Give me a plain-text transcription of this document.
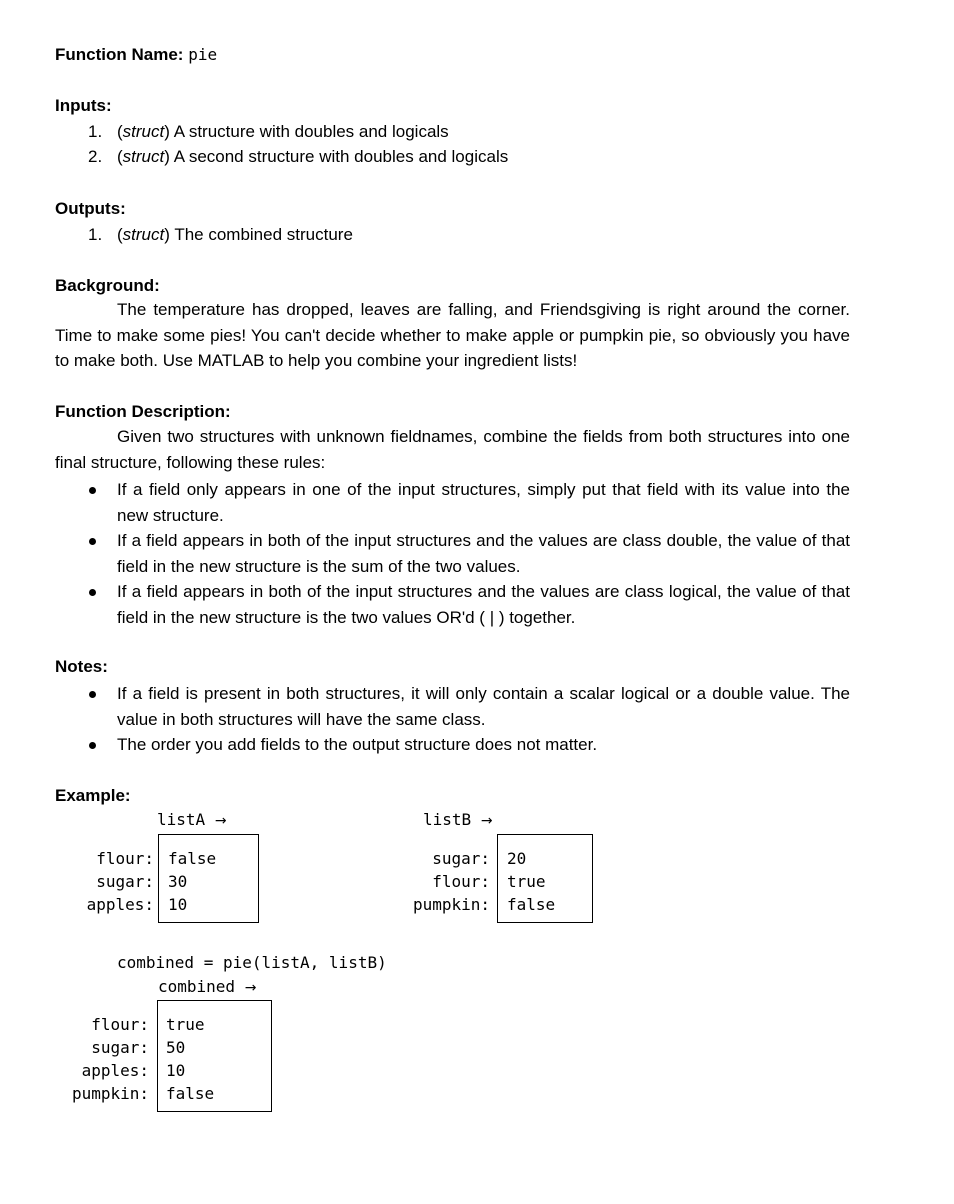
Function Name: pie
Inputs:
1. (struct) A structure with doubles and logicals
2. (struct) A second structure with doubles and logicals
Outputs:
1. (struct) The combined structure
Background:
The temperature has dropped, leaves are falling, and Friendsgiving is right around the corner. Time to make some pies! You can't decide whether to make apple or pumpkin pie, so obviously you have to make both. Use MATLAB to help you combine your ingredient lists!
Function Description:
Given two structures with unknown fieldnames, combine the fields from both structures into one final structure, following these rules:
If a field only appears in one of the input structures, simply put that field with its value into the new structure.
If a field appears in both of the input structures and the values are class double, the value of that field in the new structure is the sum of the two values.
If a field appears in both of the input structures and the values are class logical, the value of that field in the new structure is the two values OR'd ( | ) together.
Notes:
If a field is present in both structures, it will only contain a scalar logical or a double value. The value in both structures will have the same class.
The order you add fields to the output structure does not matter.
Example:
listA →
flour:
sugar:
apples:
false
30
10
listB →
sugar:
flour:
pumpkin:
20
true
false
combined = pie(listA, listB)
combined →
flour:
sugar:
apples:
pumpkin:
true
50
10
false
